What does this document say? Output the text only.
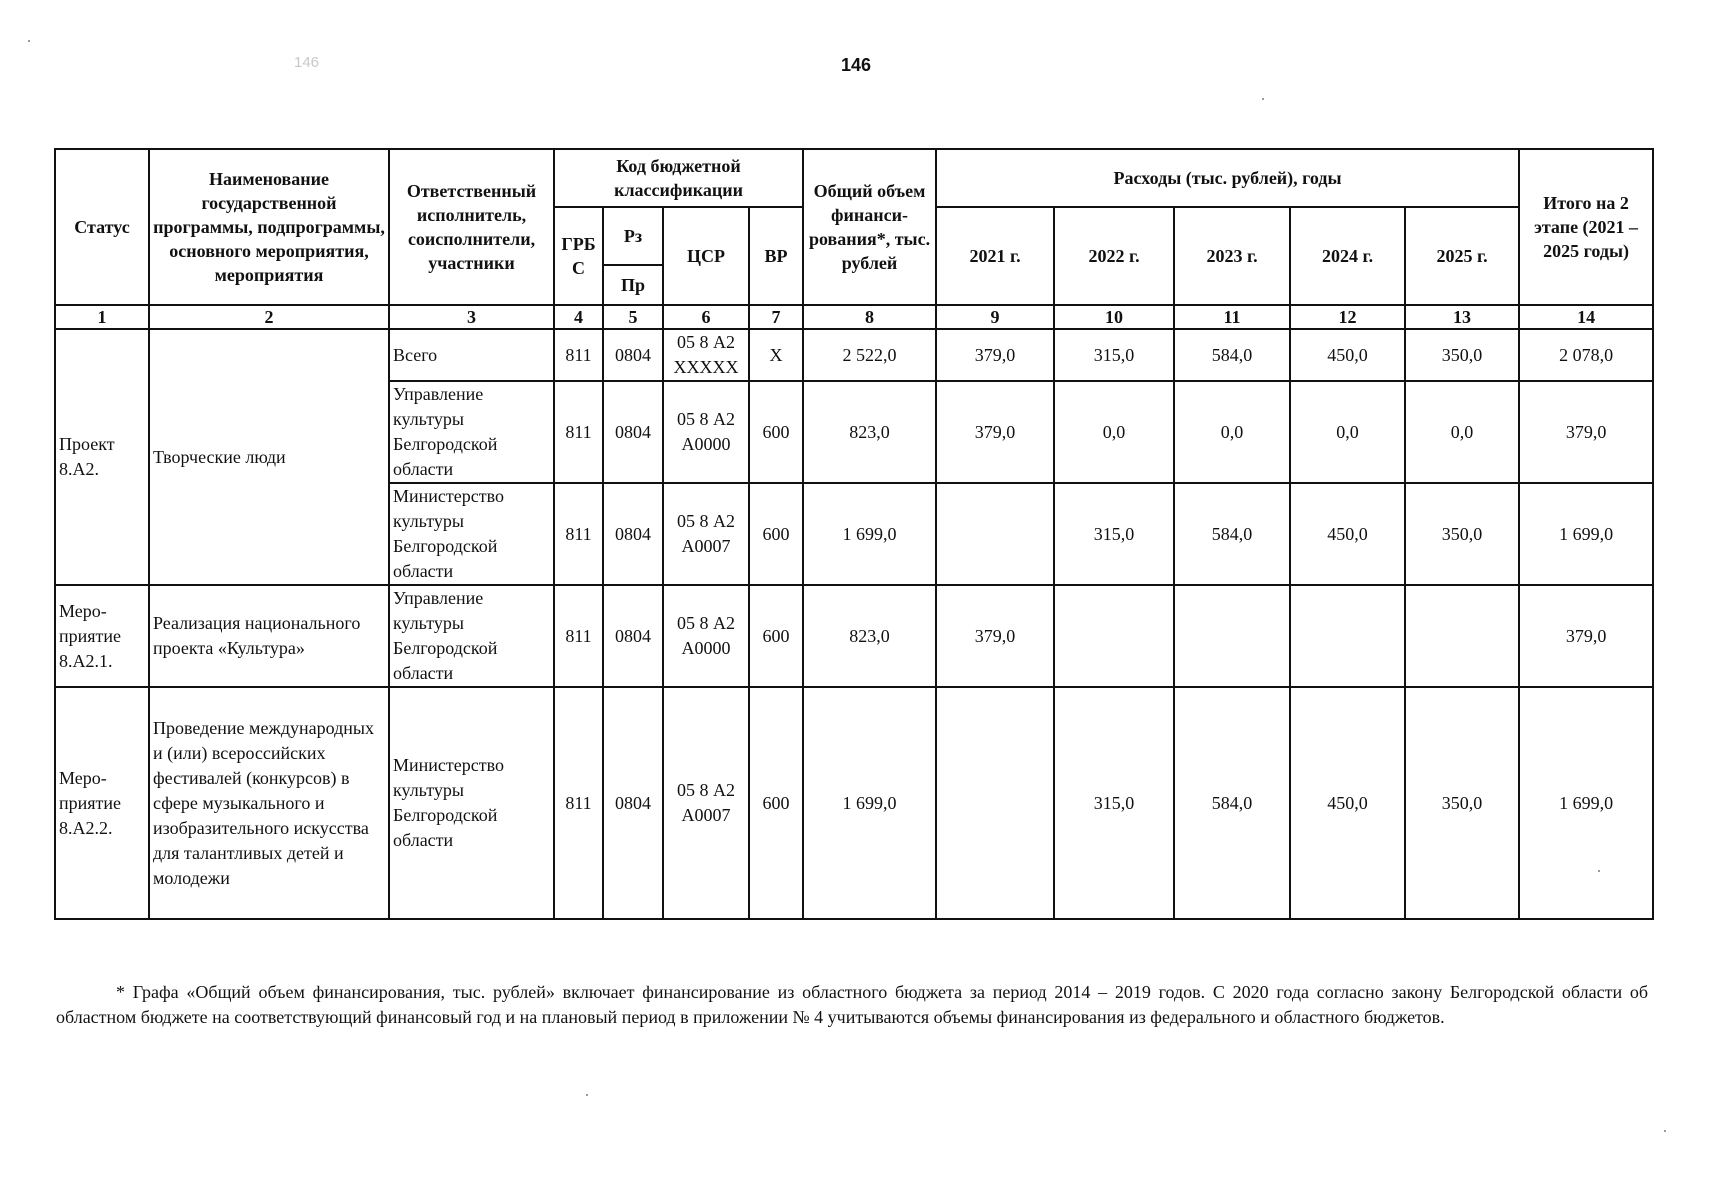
146	146
Статус	Наименование государственной программы, подпрограммы, основного мероприятия, мероприятия	Ответственный исполнитель, соисполнители, участники	Код бюджетной классификации				Общий объем финанси-рования*, тыс. рублей	Расходы (тыс. рублей), годы					Итого на 2 этапе (2021 – 2025 годы)
			ГРБ С	Рз	ЦСР	ВР		2021 г.	2022 г.	2023 г.	2024 г.	2025 г.	
				Пр									
1	2	3	4	5	6	7	8	9	10	11	12	13	14
Проект 8.А2.	Творческие люди	Всего	811	0804	05 8 А2 ХХХХХ	Х	2 522,0	379,0	315,0	584,0	450,0	350,0	2 078,0
		Управление культуры Белгородской области	811	0804	05 8 А2 А0000	600	823,0	379,0	0,0	0,0	0,0	0,0	379,0
		Министерство культуры Белгородской области	811	0804	05 8 А2 А0007	600	1 699,0		315,0	584,0	450,0	350,0	1 699,0
Меро-приятие 8.А2.1.	Реализация национального проекта «Культура»	Управление культуры Белгородской области	811	0804	05 8 А2 А0000	600	823,0	379,0					379,0
Меро-приятие 8.А2.2.	Проведение международных и (или) всероссийских фестивалей (конкурсов) в сфере музыкального и изобразительного искусства для талантливых детей и молодежи	Министерство культуры Белгородской области	811	0804	05 8 А2 А0007	600	1 699,0		315,0	584,0	450,0	350,0	1 699,0
* Графа «Общий объем финансирования, тыс. рублей» включает финансирование из областного бюджета за период 2014 – 2019 годов. С 2020 года согласно закону Белгородской области об областном бюджете на соответствующий финансовый год и на плановый период в приложении № 4 учитываются объемы финансирования из федерального и областного бюджетов.
